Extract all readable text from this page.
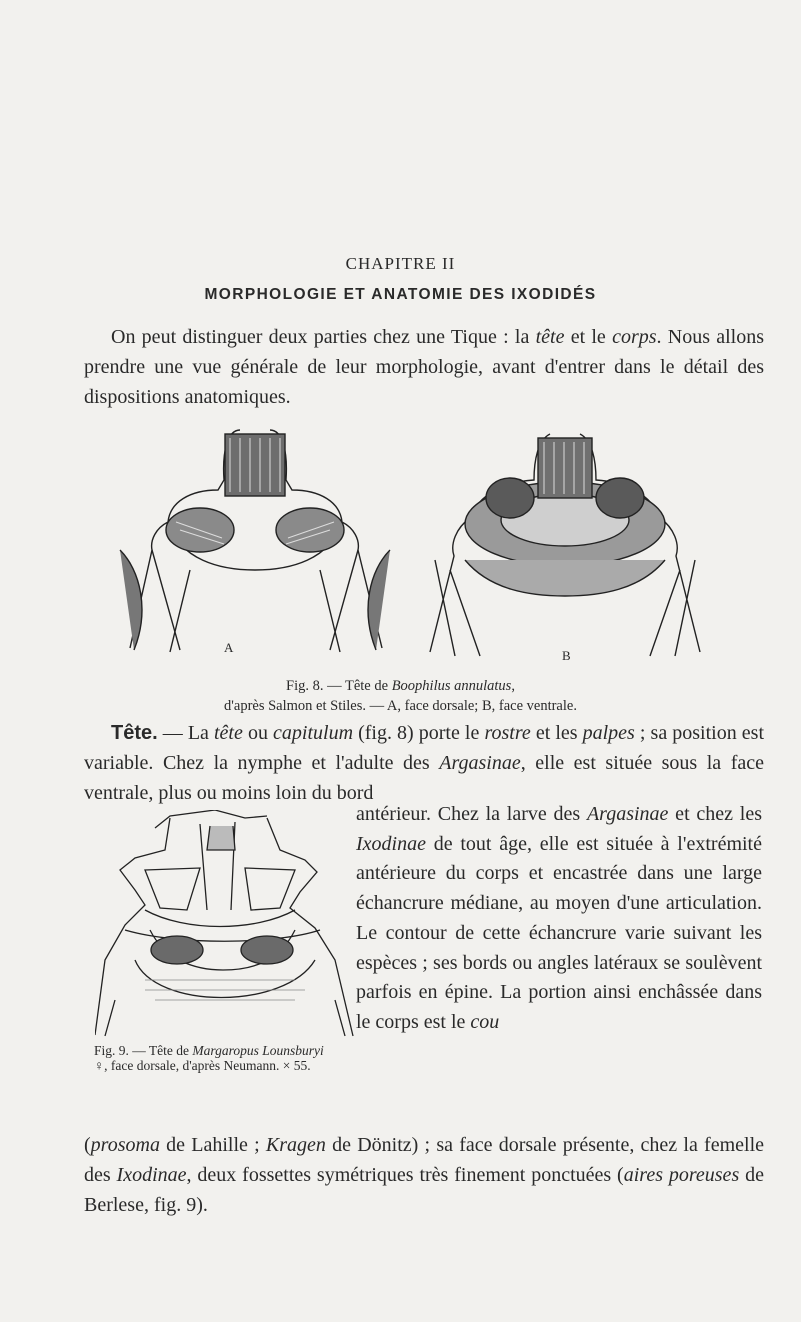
CHAPITRE II
MORPHOLOGIE ET ANATOMIE DES IXODIDÉS

On peut distinguer deux parties chez une Tique : la tête et le corps. Nous allons prendre une vue générale de leur morphologie, avant d'entrer dans le détail des dispositions anatomiques.

A
B
Fig. 8. — Tête de Boophilus annulatus,
d'après Salmon et Stiles. — A, face dorsale; B, face ventrale.

Tête. — La tête ou capitulum (fig. 8) porte le rostre et les palpes ; sa position est variable. Chez la nymphe et l'adulte des Argasinae, elle est située sous la face ventrale, plus ou moins loin du bord

Fig. 9. — Tête de Margaropus Lounsburyi ♀, face dorsale, d'après Neumann. × 55.

antérieur. Chez la larve des Argasinae et chez les Ixodinae de tout âge, elle est située à l'extrémité antérieure du corps et encastrée dans une large échancrure médiane, au moyen d'une articulation. Le contour de cette échancrure varie suivant les espèces ; ses bords ou angles latéraux se soulèvent parfois en épine. La portion ainsi enchâssée dans le corps est le cou

(prosoma de Lahille ; Kragen de Dönitz) ; sa face dorsale présente, chez la femelle des Ixodinae, deux fossettes symétriques très finement ponctuées (aires poreuses de Berlese, fig. 9).
